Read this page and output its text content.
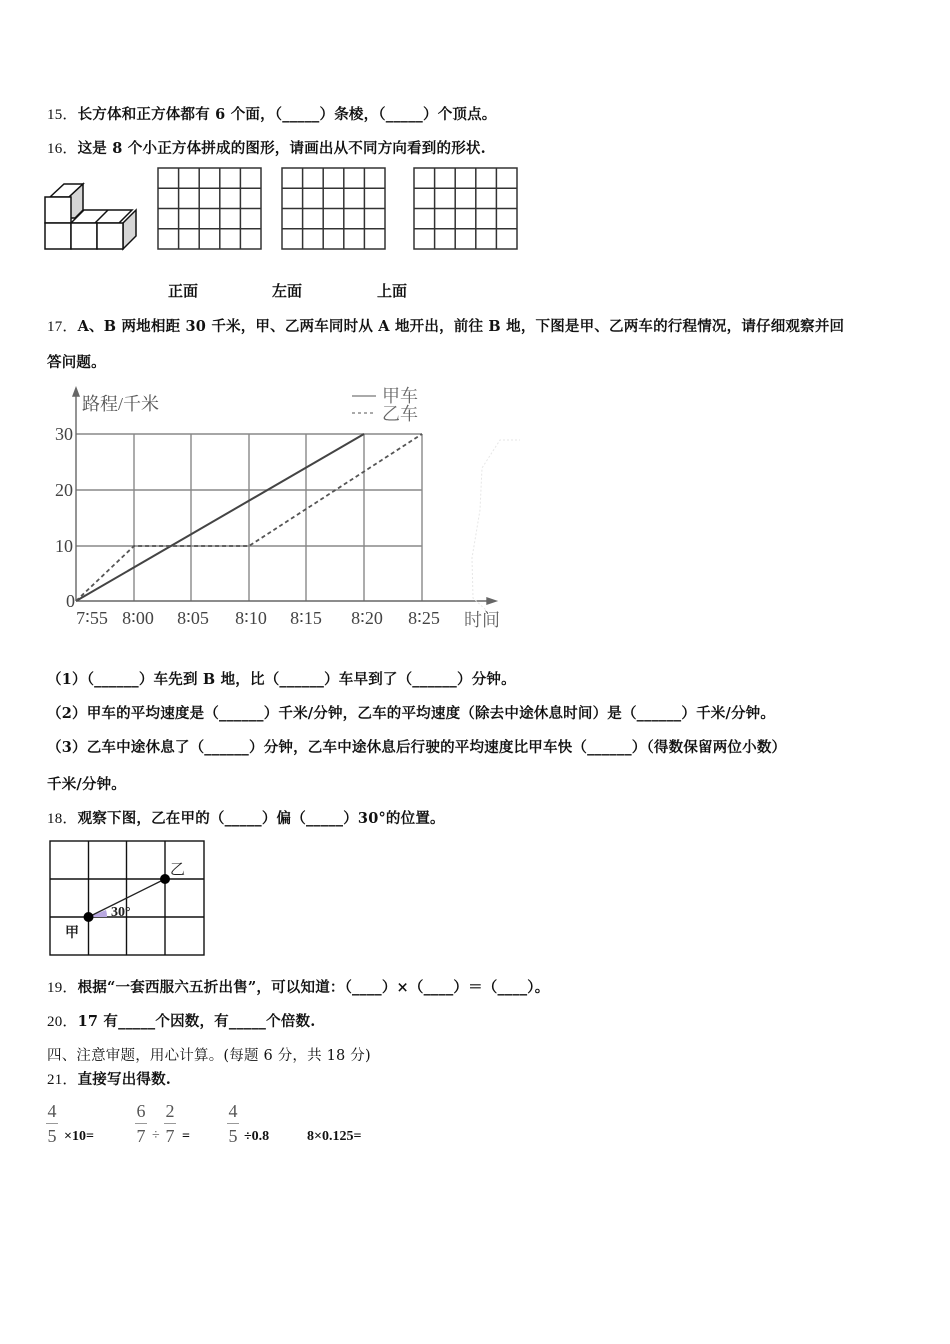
15．长方体和正方体都有 6 个面，（_____）条棱，（_____）个顶点。
16．这是 8 个小正方体拼成的图形，请画出从不同方向看到的形状.
正面	左面	上面
17．A、B 两地相距 30 千米，甲、乙两车同时从 A 地开出，前往 B 地，下图是甲、乙两车的行程情况，请仔细观察并回
答问题。
甲车
乙车
路程/千米
30
20
10
0
7∶55 8∶00 8∶05 8∶10 8∶15 8∶20 8∶25 时间
（1）（______）车先到 B 地，比（______）车早到了（______）分钟。
（2）甲车的平均速度是（______）千米/分钟，乙车的平均速度（除去中途休息时间）是（______）千米/分钟。
（3）乙车中途休息了（______）分钟，乙车中途休息后行驶的平均速度比甲车快（______）（得数保留两位小数）
千米/分钟。
18．观察下图，乙在甲的（_____）偏（_____）30°的位置。
30°
甲
乙
19．根据“一套西服六五折出售”，可以知道：（____）×（____）＝（____）。
20．17 有_____个因数，有_____个倍数.
四、注意审题，用心计算。(每题 6 分，共 18 分)
21．直接写出得数.
4
5 ×10=
6
7 ÷
2
7 =
4
5 ÷0.8	8×0.125=
